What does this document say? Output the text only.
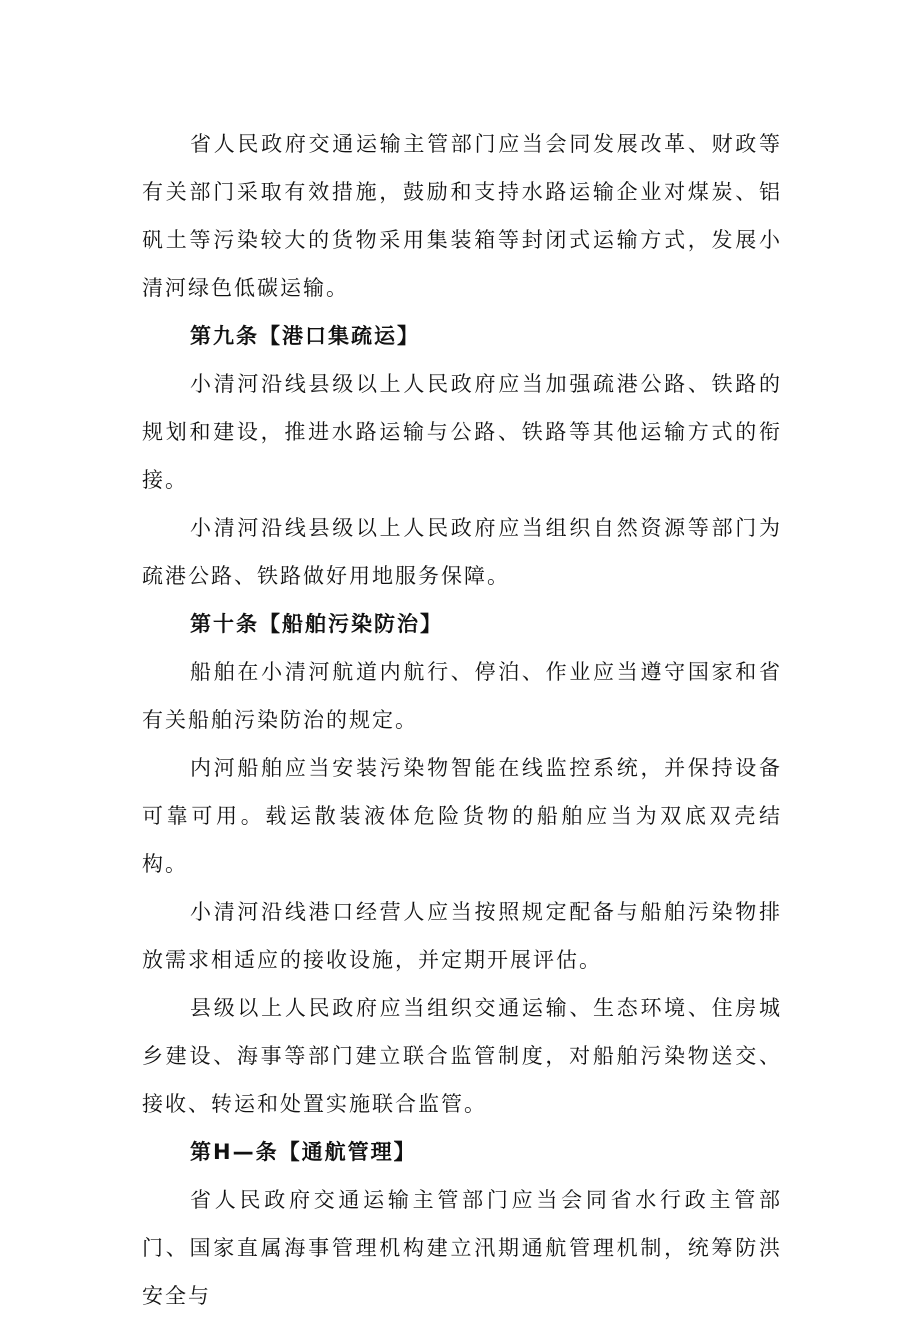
省人民政府交通运输主管部门应当会同发展改革、财政等有关部门采取有效措施，鼓励和支持水路运输企业对煤炭、铝矾土等污染较大的货物采用集装箱等封闭式运输方式，发展小清河绿色低碳运输。

第九条【港口集疏运】

小清河沿线县级以上人民政府应当加强疏港公路、铁路的规划和建设，推进水路运输与公路、铁路等其他运输方式的衔接。

小清河沿线县级以上人民政府应当组织自然资源等部门为疏港公路、铁路做好用地服务保障。

第十条【船舶污染防治】

船舶在小清河航道内航行、停泊、作业应当遵守国家和省有关船舶污染防治的规定。

内河船舶应当安装污染物智能在线监控系统，并保持设备可靠可用。载运散装液体危险货物的船舶应当为双底双壳结构。

小清河沿线港口经营人应当按照规定配备与船舶污染物排放需求相适应的接收设施，并定期开展评估。

县级以上人民政府应当组织交通运输、生态环境、住房城乡建设、海事等部门建立联合监管制度，对船舶污染物送交、接收、转运和处置实施联合监管。

第H—条【通航管理】

省人民政府交通运输主管部门应当会同省水行政主管部门、国家直属海事管理机构建立汛期通航管理机制，统筹防洪安全与
